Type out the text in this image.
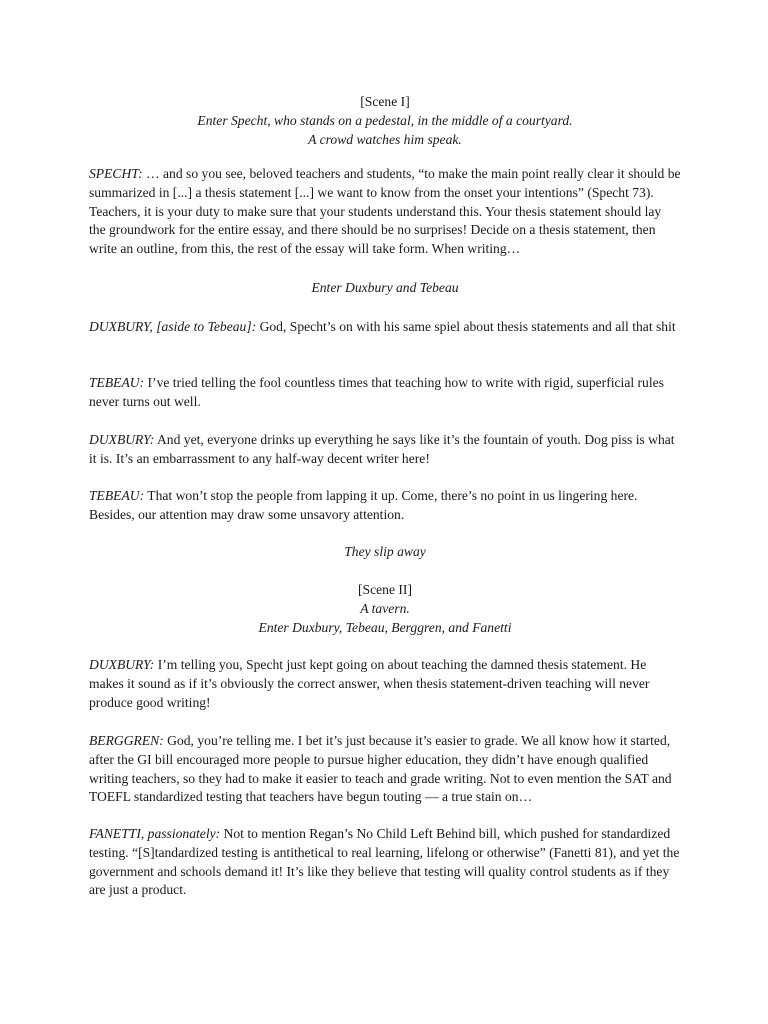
[Scene I]
Enter Specht, who stands on a pedestal, in the middle of a courtyard.
A crowd watches him speak.

SPECHT: … and so you see, beloved teachers and students, “to make the main point really clear it should be summarized in [...] a thesis statement [...] we want to know from the onset your intentions” (Specht 73). Teachers, it is your duty to make sure that your students understand this. Your thesis statement should lay the groundwork for the entire essay, and there should be no surprises! Decide on a thesis statement, then write an outline, from this, the rest of the essay will take form. When writing…

Enter Duxbury and Tebeau

DUXBURY, [aside to Tebeau]: God, Specht’s on with his same spiel about thesis statements and all that shit

TEBEAU: I’ve tried telling the fool countless times that teaching how to write with rigid, superficial rules never turns out well.

DUXBURY: And yet, everyone drinks up everything he says like it’s the fountain of youth. Dog piss is what it is. It’s an embarrassment to any half-way decent writer here!

TEBEAU: That won’t stop the people from lapping it up. Come, there’s no point in us lingering here. Besides, our attention may draw some unsavory attention.

They slip away
[Scene II]
A tavern.
Enter Duxbury, Tebeau, Berggren, and Fanetti

DUXBURY: I’m telling you, Specht just kept going on about teaching the damned thesis statement. He makes it sound as if it’s obviously the correct answer, when thesis statement-driven teaching will never produce good writing!

BERGGREN: God, you’re telling me. I bet it’s just because it’s easier to grade. We all know how it started, after the GI bill encouraged more people to pursue higher education, they didn’t have enough qualified writing teachers, so they had to make it easier to teach and grade writing. Not to even mention the SAT and TOEFL standardized testing that teachers have begun touting — a true stain on…

FANETTI, passionately: Not to mention Regan’s No Child Left Behind bill, which pushed for standardized testing. “[S]tandardized testing is antithetical to real learning, lifelong or otherwise” (Fanetti 81), and yet the government and schools demand it! It’s like they believe that testing will quality control students as if they are just a product.
